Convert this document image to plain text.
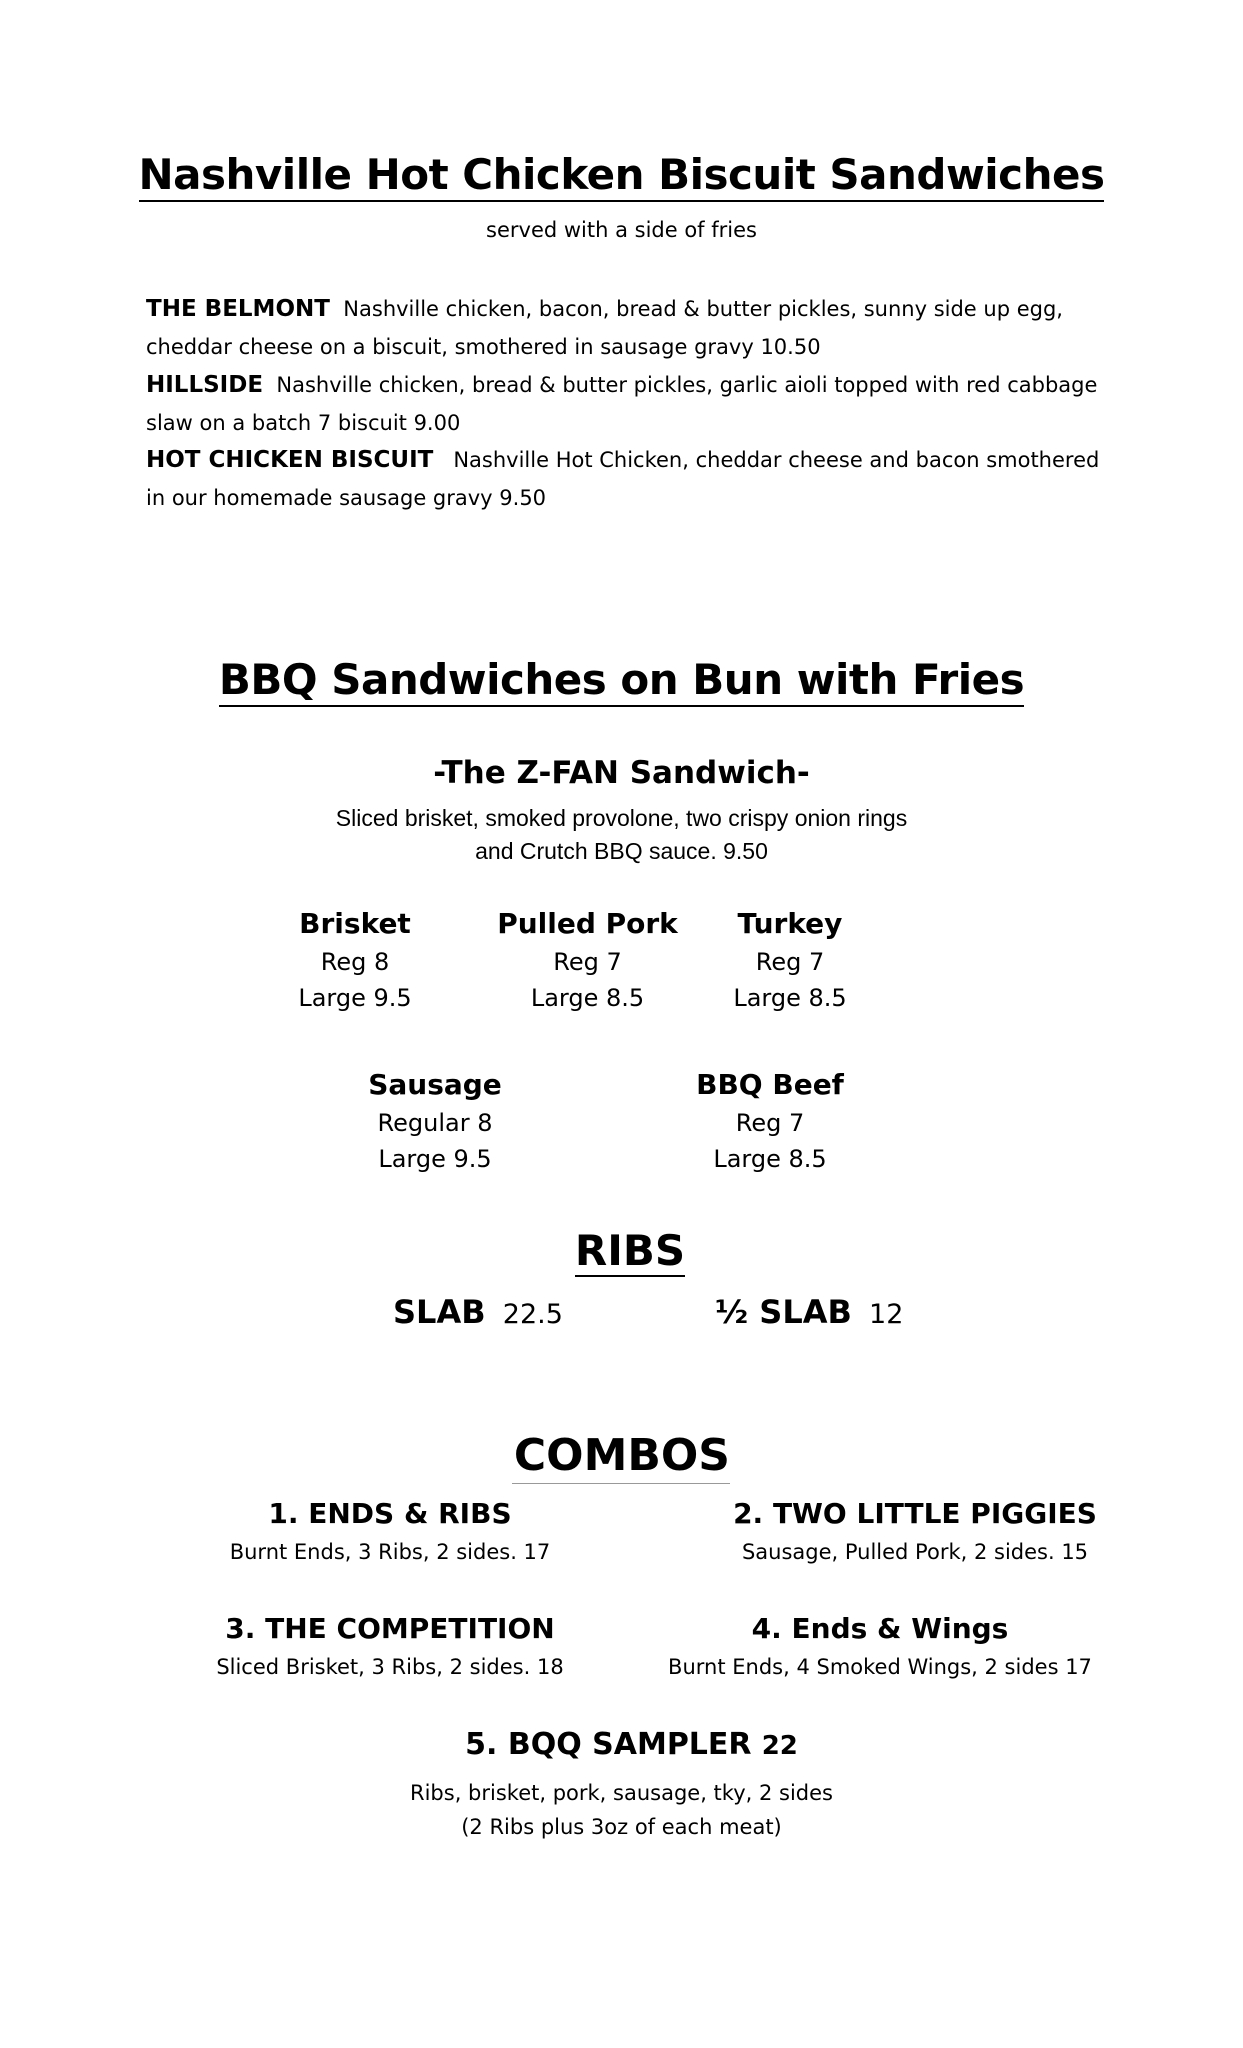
Nashville Hot Chicken Biscuit Sandwiches
served with a side of fries
THE BELMONT Nashville chicken, bacon, bread & butter pickles, sunny side up egg, cheddar cheese on a biscuit, smothered in sausage gravy 10.50
HILLSIDE Nashville chicken, bread & butter pickles, garlic aioli topped with red cabbage slaw on a batch 7 biscuit 9.00
HOT CHICKEN BISCUIT Nashville Hot Chicken, cheddar cheese and bacon smothered in our homemade sausage gravy 9.50
BBQ Sandwiches on Bun with Fries
-The Z-FAN Sandwich-
Sliced brisket, smoked provolone, two crispy onion rings
and Crutch BBQ sauce. 9.50
Brisket
Reg 8
Large 9.5
Pulled Pork
Reg 7
Large 8.5
Turkey
Reg 7
Large 8.5
Sausage
Regular 8
Large 9.5
BBQ Beef
Reg 7
Large 8.5
RIBS
SLAB 22.5	½ SLAB 12
COMBOS
1. ENDS & RIBS
Burnt Ends, 3 Ribs, 2 sides. 17
2. TWO LITTLE PIGGIES
Sausage, Pulled Pork, 2 sides. 15
3. THE COMPETITION
Sliced Brisket, 3 Ribs, 2 sides. 18
4. Ends & Wings
Burnt Ends, 4 Smoked Wings, 2 sides 17
5. BQQ SAMPLER 22
Ribs, brisket, pork, sausage, tky, 2 sides
(2 Ribs plus 3oz of each meat)
